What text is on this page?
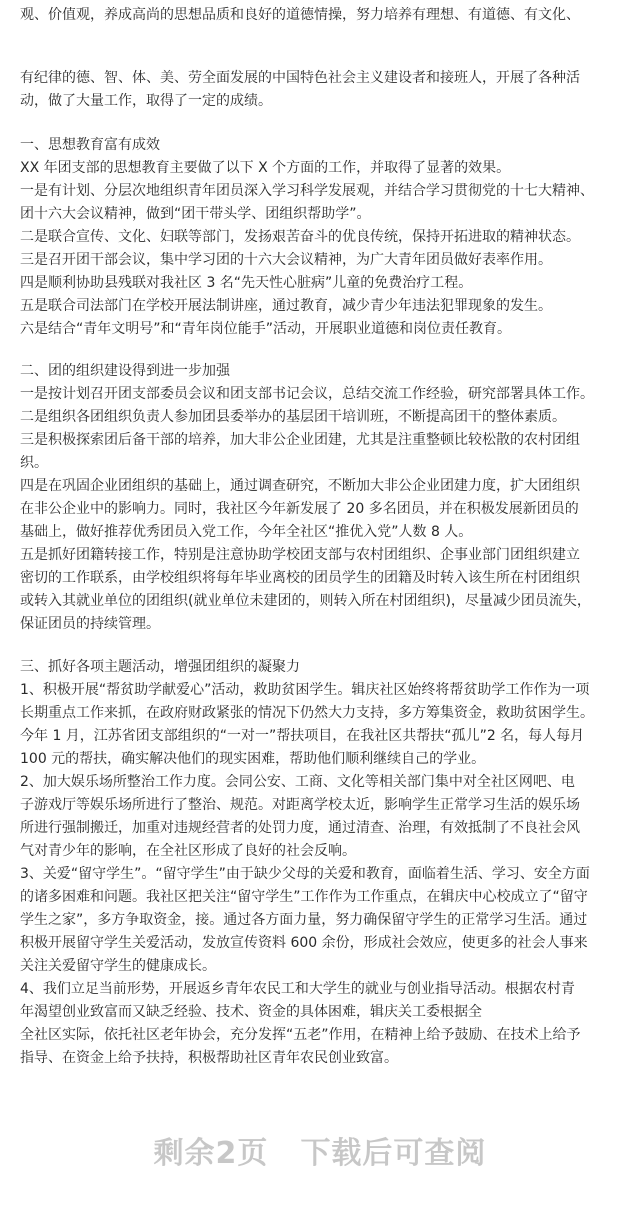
观、价值观，养成高尚的思想品质和良好的道德情操，努力培养有理想、有道德、有文化、
有纪律的德、智、体、美、劳全面发展的中国特色社会主义建设者和接班人，开展了各种活
动，做了大量工作，取得了一定的成绩。
一、思想教育富有成效
XX 年团支部的思想教育主要做了以下 X 个方面的工作，并取得了显著的效果。
一是有计划、分层次地组织青年团员深入学习科学发展观，并结合学习贯彻党的十七大精神、
团十六大会议精神，做到“团干带头学、团组织帮助学”。
二是联合宣传、文化、妇联等部门，发扬艰苦奋斗的优良传统，保持开拓进取的精神状态。
三是召开团干部会议，集中学习团的十六大会议精神，为广大青年团员做好表率作用。
四是顺利协助县残联对我社区 3 名“先天性心脏病”儿童的免费治疗工程。
五是联合司法部门在学校开展法制讲座，通过教育，减少青少年违法犯罪现象的发生。
六是结合“青年文明号”和“青年岗位能手”活动，开展职业道德和岗位责任教育。
二、团的组织建设得到进一步加强
一是按计划召开团支部委员会议和团支部书记会议，总结交流工作经验，研究部署具体工作。
二是组织各团组织负责人参加团县委举办的基层团干培训班，不断提高团干的整体素质。
三是积极探索团后备干部的培养，加大非公企业团建，尤其是注重整顿比较松散的农村团组
织。
四是在巩固企业团组织的基础上，通过调查研究，不断加大非公企业团建力度，扩大团组织
在非公企业中的影响力。同时，我社区今年新发展了 20 多名团员，并在积极发展新团员的
基础上，做好推荐优秀团员入党工作，今年全社区“推优入党”人数 8 人。
五是抓好团籍转接工作，特别是注意协助学校团支部与农村团组织、企事业部门团组织建立
密切的工作联系，由学校组织将每年毕业离校的团员学生的团籍及时转入该生所在村团组织
或转入其就业单位的团组织(就业单位未建团的，则转入所在村团组织)，尽量减少团员流失，
保证团员的持续管理。
三、抓好各项主题活动，增强团组织的凝聚力
1、积极开展“帮贫助学献爱心”活动，救助贫困学生。辑庆社区始终将帮贫助学工作作为一项
长期重点工作来抓，在政府财政紧张的情况下仍然大力支持，多方筹集资金，救助贫困学生。
今年 1 月，江苏省团支部组织的“一对一”帮扶项目，在我社区共帮扶“孤儿”2 名，每人每月
100 元的帮扶，确实解决他们的现实困难，帮助他们顺利继续自己的学业。
2、加大娱乐场所整治工作力度。会同公安、工商、文化等相关部门集中对全社区网吧、电
子游戏厅等娱乐场所进行了整治、规范。对距离学校太近，影响学生正常学习生活的娱乐场
所进行强制搬迁，加重对违规经营者的处罚力度，通过清查、治理，有效抵制了不良社会风
气对青少年的影响，在全社区形成了良好的社会反响。
3、关爱“留守学生”。“留守学生”由于缺少父母的关爱和教育，面临着生活、学习、安全方面
的诸多困难和问题。我社区把关注“留守学生”工作作为工作重点，在辑庆中心校成立了“留守
学生之家”，多方争取资金，接。通过各方面力量，努力确保留守学生的正常学习生活。通过
积极开展留守学生关爱活动，发放宣传资料 600 余份，形成社会效应，使更多的社会人事来
关注关爱留守学生的健康成长。
4、我们立足当前形势，开展返乡青年农民工和大学生的就业与创业指导活动。根据农村青
年渴望创业致富而又缺乏经验、技术、资金的具体困难，辑庆关工委根据全
全社区实际，依托社区老年协会，充分发挥“五老”作用，在精神上给予鼓励、在技术上给予
指导、在资金上给予扶持，积极帮助社区青年农民创业致富。
剩余2页 下载后可查阅
